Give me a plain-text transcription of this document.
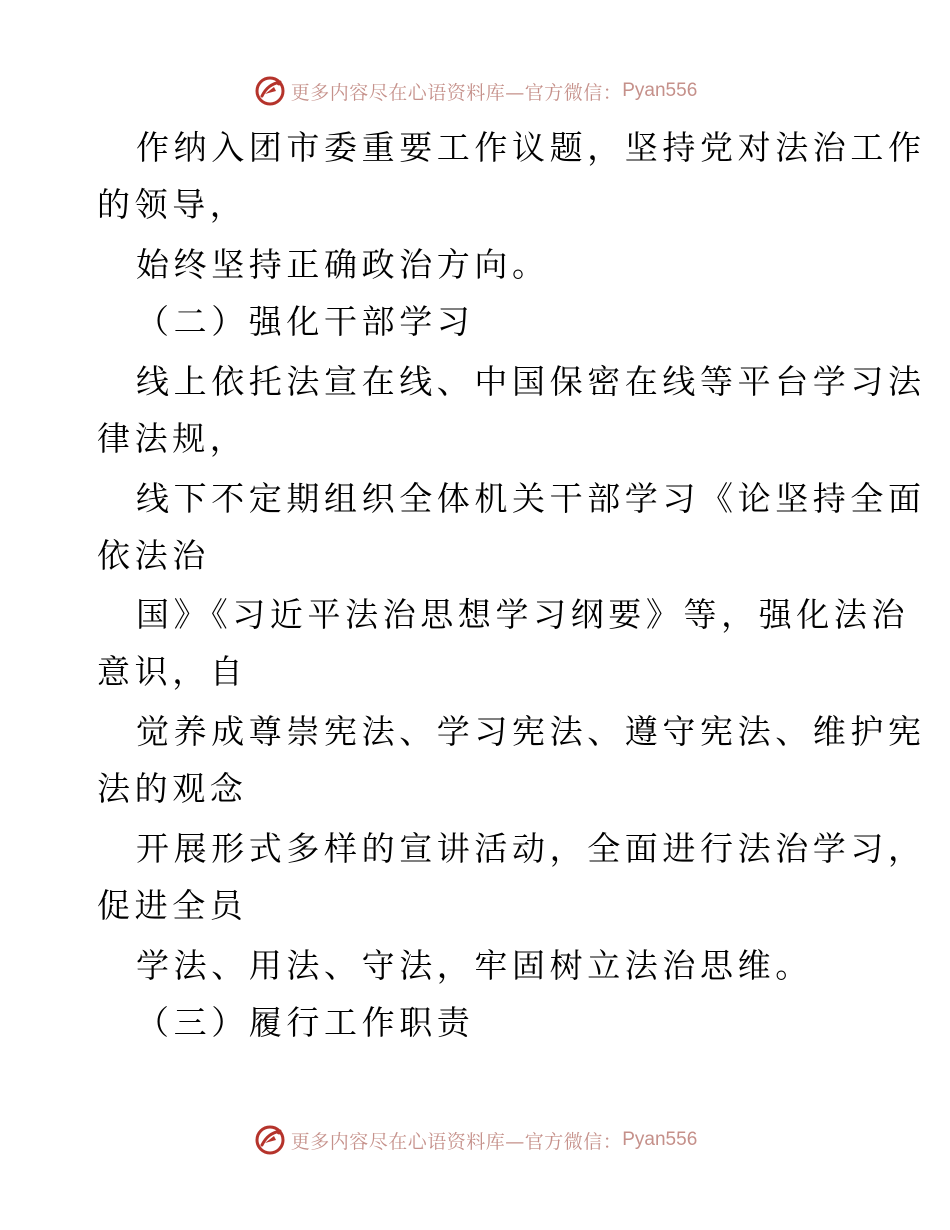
更多内容尽在心语资料库—官方微信： Pyan556
作纳入团市委重要工作议题，坚持党对法治工作
的领导，
始终坚持正确政治方向。
（二）强化干部学习
线上依托法宣在线、中国保密在线等平台学习法
律法规，
线下不定期组织全体机关干部学习《论坚持全面
依法治
国》《习近平法治思想学习纲要》等，强化法治
意识，自
觉养成尊崇宪法、学习宪法、遵守宪法、维护宪
法的观念
开展形式多样的宣讲活动，全面进行法治学习，
促进全员
学法、用法、守法，牢固树立法治思维。
（三）履行工作职责
更多内容尽在心语资料库—官方微信： Pyan556
